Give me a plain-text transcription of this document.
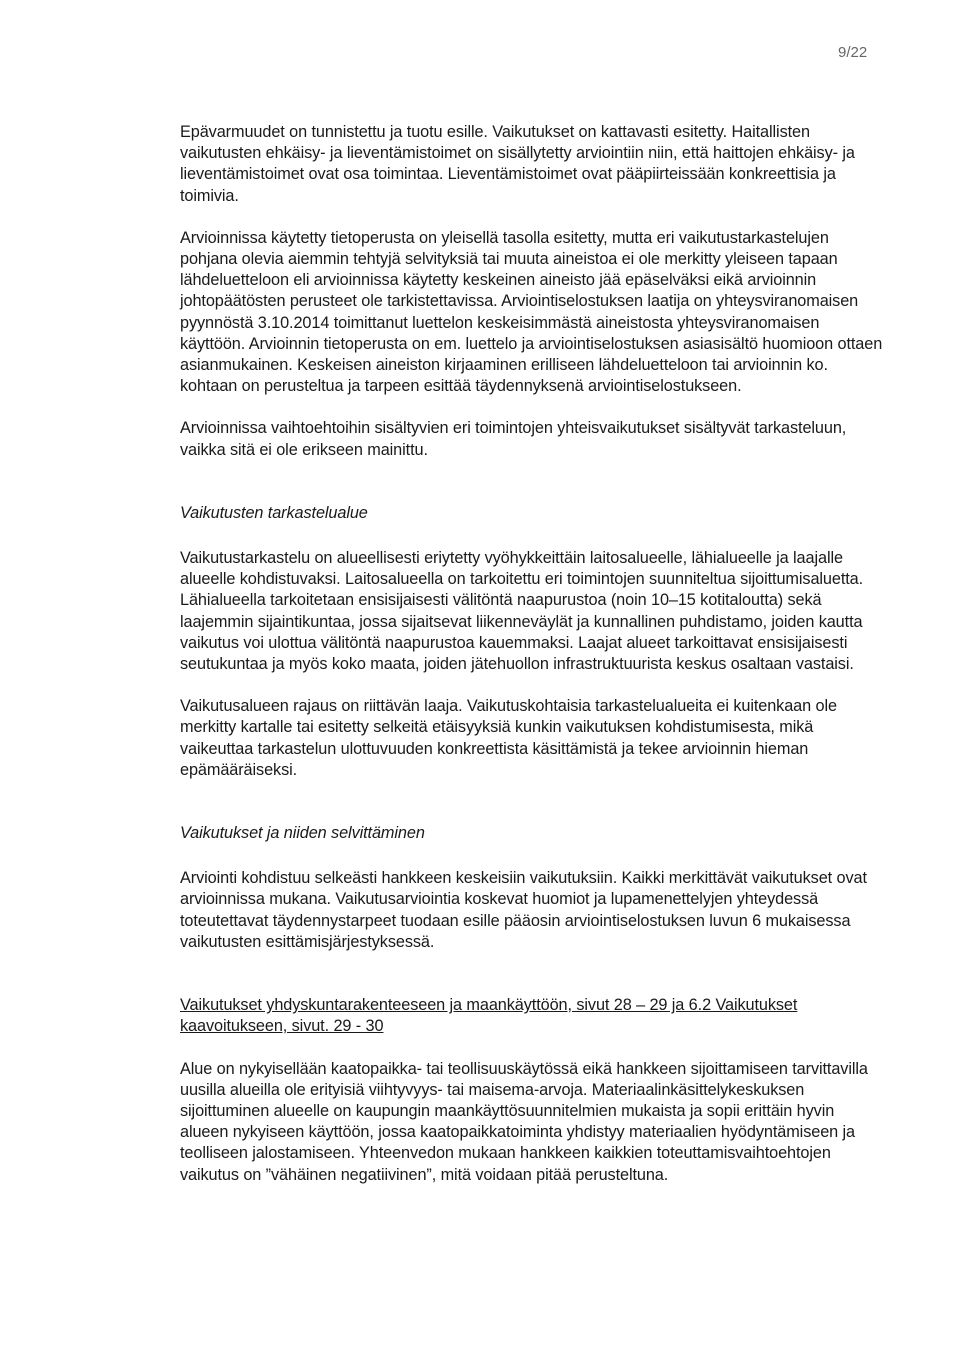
9/22

Epävarmuudet on tunnistettu ja tuotu esille. Vaikutukset on kattavasti esitetty. Haitallisten vaikutusten ehkäisy- ja lieventämistoimet on sisällytetty arviointiin niin, että haittojen ehkäisy- ja lieventämistoimet ovat osa toimintaa. Lieventämistoimet ovat pääpiirteissään konkreettisia ja toimivia.

Arvioinnissa käytetty tietoperusta on yleisellä tasolla esitetty, mutta eri vaikutustarkastelujen pohjana olevia aiemmin tehtyjä selvityksiä tai muuta aineistoa ei ole merkitty yleiseen tapaan lähdeluetteloon eli arvioinnissa käytetty keskeinen aineisto jää epäselväksi eikä arvioinnin johtopäätösten perusteet ole tarkistettavissa. Arviointiselostuksen laatija on yhteysviranomaisen pyynnöstä 3.10.2014 toimittanut luettelon keskeisimmästä aineistosta yhteysviranomaisen käyttöön. Arvioinnin tietoperusta on em. luettelo ja arviointiselostuksen asiasisältö huomioon ottaen asianmukainen. Keskeisen aineiston kirjaaminen erilliseen lähdeluetteloon tai arvioinnin ko. kohtaan on perusteltua ja tarpeen esittää täydennyksenä arviointiselostukseen.

Arvioinnissa vaihtoehtoihin sisältyvien eri toimintojen yhteisvaikutukset sisältyvät tarkasteluun, vaikka sitä ei ole erikseen mainittu.

Vaikutusten tarkastelualue

Vaikutustarkastelu on alueellisesti eriytetty vyöhykkeittäin laitosalueelle, lähialueelle ja laajalle alueelle kohdistuvaksi. Laitosalueella on tarkoitettu eri toimintojen suunniteltua sijoittumisaluetta. Lähialueella tarkoitetaan ensisijaisesti välitöntä naapurustoa (noin 10–15 kotitaloutta) sekä laajemmin sijaintikuntaa, jossa sijaitsevat liikenneväylät ja kunnallinen puhdistamo, joiden kautta vaikutus voi ulottua välitöntä naapurustoa kauemmaksi. Laajat alueet tarkoittavat ensisijaisesti seutukuntaa ja myös koko maata, joiden jätehuollon infrastruktuurista keskus osaltaan vastaisi.

Vaikutusalueen rajaus on riittävän laaja. Vaikutuskohtaisia tarkastelualueita ei kuitenkaan ole merkitty kartalle tai esitetty selkeitä etäisyyksiä kunkin vaikutuksen kohdistumisesta, mikä vaikeuttaa tarkastelun ulottuvuuden konkreettista käsittämistä ja tekee arvioinnin hieman epämääräiseksi.

Vaikutukset ja niiden selvittäminen

Arviointi kohdistuu selkeästi hankkeen keskeisiin vaikutuksiin. Kaikki merkittävät vaikutukset ovat arvioinnissa mukana. Vaikutusarviointia koskevat huomiot ja lupamenettelyjen yhteydessä toteutettavat täydennystarpeet tuodaan esille pääosin arviointiselostuksen luvun 6 mukaisessa vaikutusten esittämisjärjestyksessä.

Vaikutukset yhdyskuntarakenteeseen ja maankäyttöön, sivut 28 – 29 ja 6.2 Vaikutukset kaavoitukseen, sivut. 29 - 30

Alue on nykyisellään kaatopaikka- tai teollisuuskäytössä eikä hankkeen sijoittamiseen tarvittavilla uusilla alueilla ole erityisiä viihtyvyys- tai maisema-arvoja. Materiaalinkäsittelykeskuksen sijoittuminen alueelle on kaupungin maankäyttösuunnitelmien mukaista ja sopii erittäin hyvin alueen nykyiseen käyttöön, jossa kaatopaikkatoiminta yhdistyy materiaalien hyödyntämiseen ja teolliseen jalostamiseen. Yhteenvedon mukaan hankkeen kaikkien toteuttamisvaihtoehtojen vaikutus on ”vähäinen negatiivinen”, mitä voidaan pitää perusteltuna.
